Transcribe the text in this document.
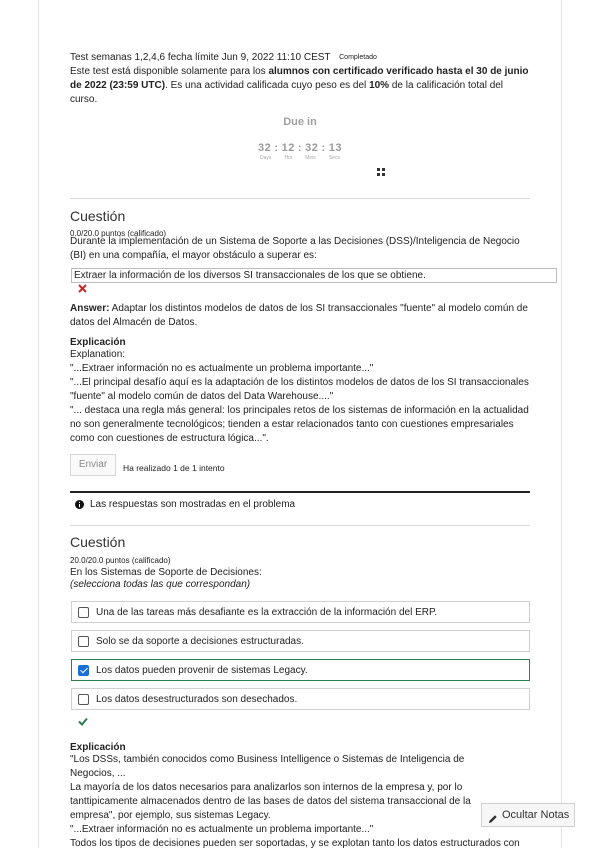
Test semanas 1,2,4,6 fecha límite Jun 9, 2022 11:10 CEST Completado
Este test está disponible solamente para los alumnos con certificado verificado hasta el 30 de junio de 2022 (23:59 UTC). Es una actividad calificada cuyo peso es del 10% de la calificación total del curso.
Due in
32 : 12 : 32 : 13
Days	Hrs	Mins	Secs
Cuestión
0.0/20.0 puntos (calificado)
Durante la implementación de un Sistema de Soporte a las Decisiones (DSS)/Inteligencia de Negocio (BI) en una compañía, el mayor obstáculo a superar es:
Extraer la información de los diversos SI transaccionales de los que se obtiene.
Answer: Adaptar los distintos modelos de datos de los SI transaccionales "fuente" al modelo común de datos del Almacén de Datos.
Explicación
Explanation:
"...Extraer información no es actualmente un problema importante..."
"...El principal desafío aquí es la adaptación de los distintos modelos de datos de los SI transaccionales "fuente" al modelo común de datos del Data Warehouse...."
"... destaca una regla más general: los principales retos de los sistemas de información en la actualidad no son generalmente tecnológicos; tienden a estar relacionados tanto con cuestiones empresariales como con cuestiones de estructura lógica...".
Enviar	Ha realizado 1 de 1 intento
Las respuestas son mostradas en el problema
Cuestión
20.0/20.0 puntos (calificado)
En los Sistemas de Soporte de Decisiones:
(selecciona todas las que correspondan)
Una de las tareas más desafiante es la extracción de la información del ERP.
Solo se da soporte a decisiones estructuradas.
Los datos pueden provenir de sistemas Legacy.
Los datos desestructurados son desechados.
Explicación
"Los DSSs, también conocidos como Business Intelligence o Sistemas de Inteligencia de Negocios, ...
La mayoría de los datos necesarios para analizarlos son internos de la empresa y, por lo tanttipicamente almacenados dentro de las bases de datos del sistema transaccional de la empresa", por ejemplo, sus sistemas Legacy.
"...Extraer información no es actualmente un problema importante..."
Todos los tipos de decisiones pueden ser soportadas, y se explotan tanto los datos estructurados con
Ocultar Notas
